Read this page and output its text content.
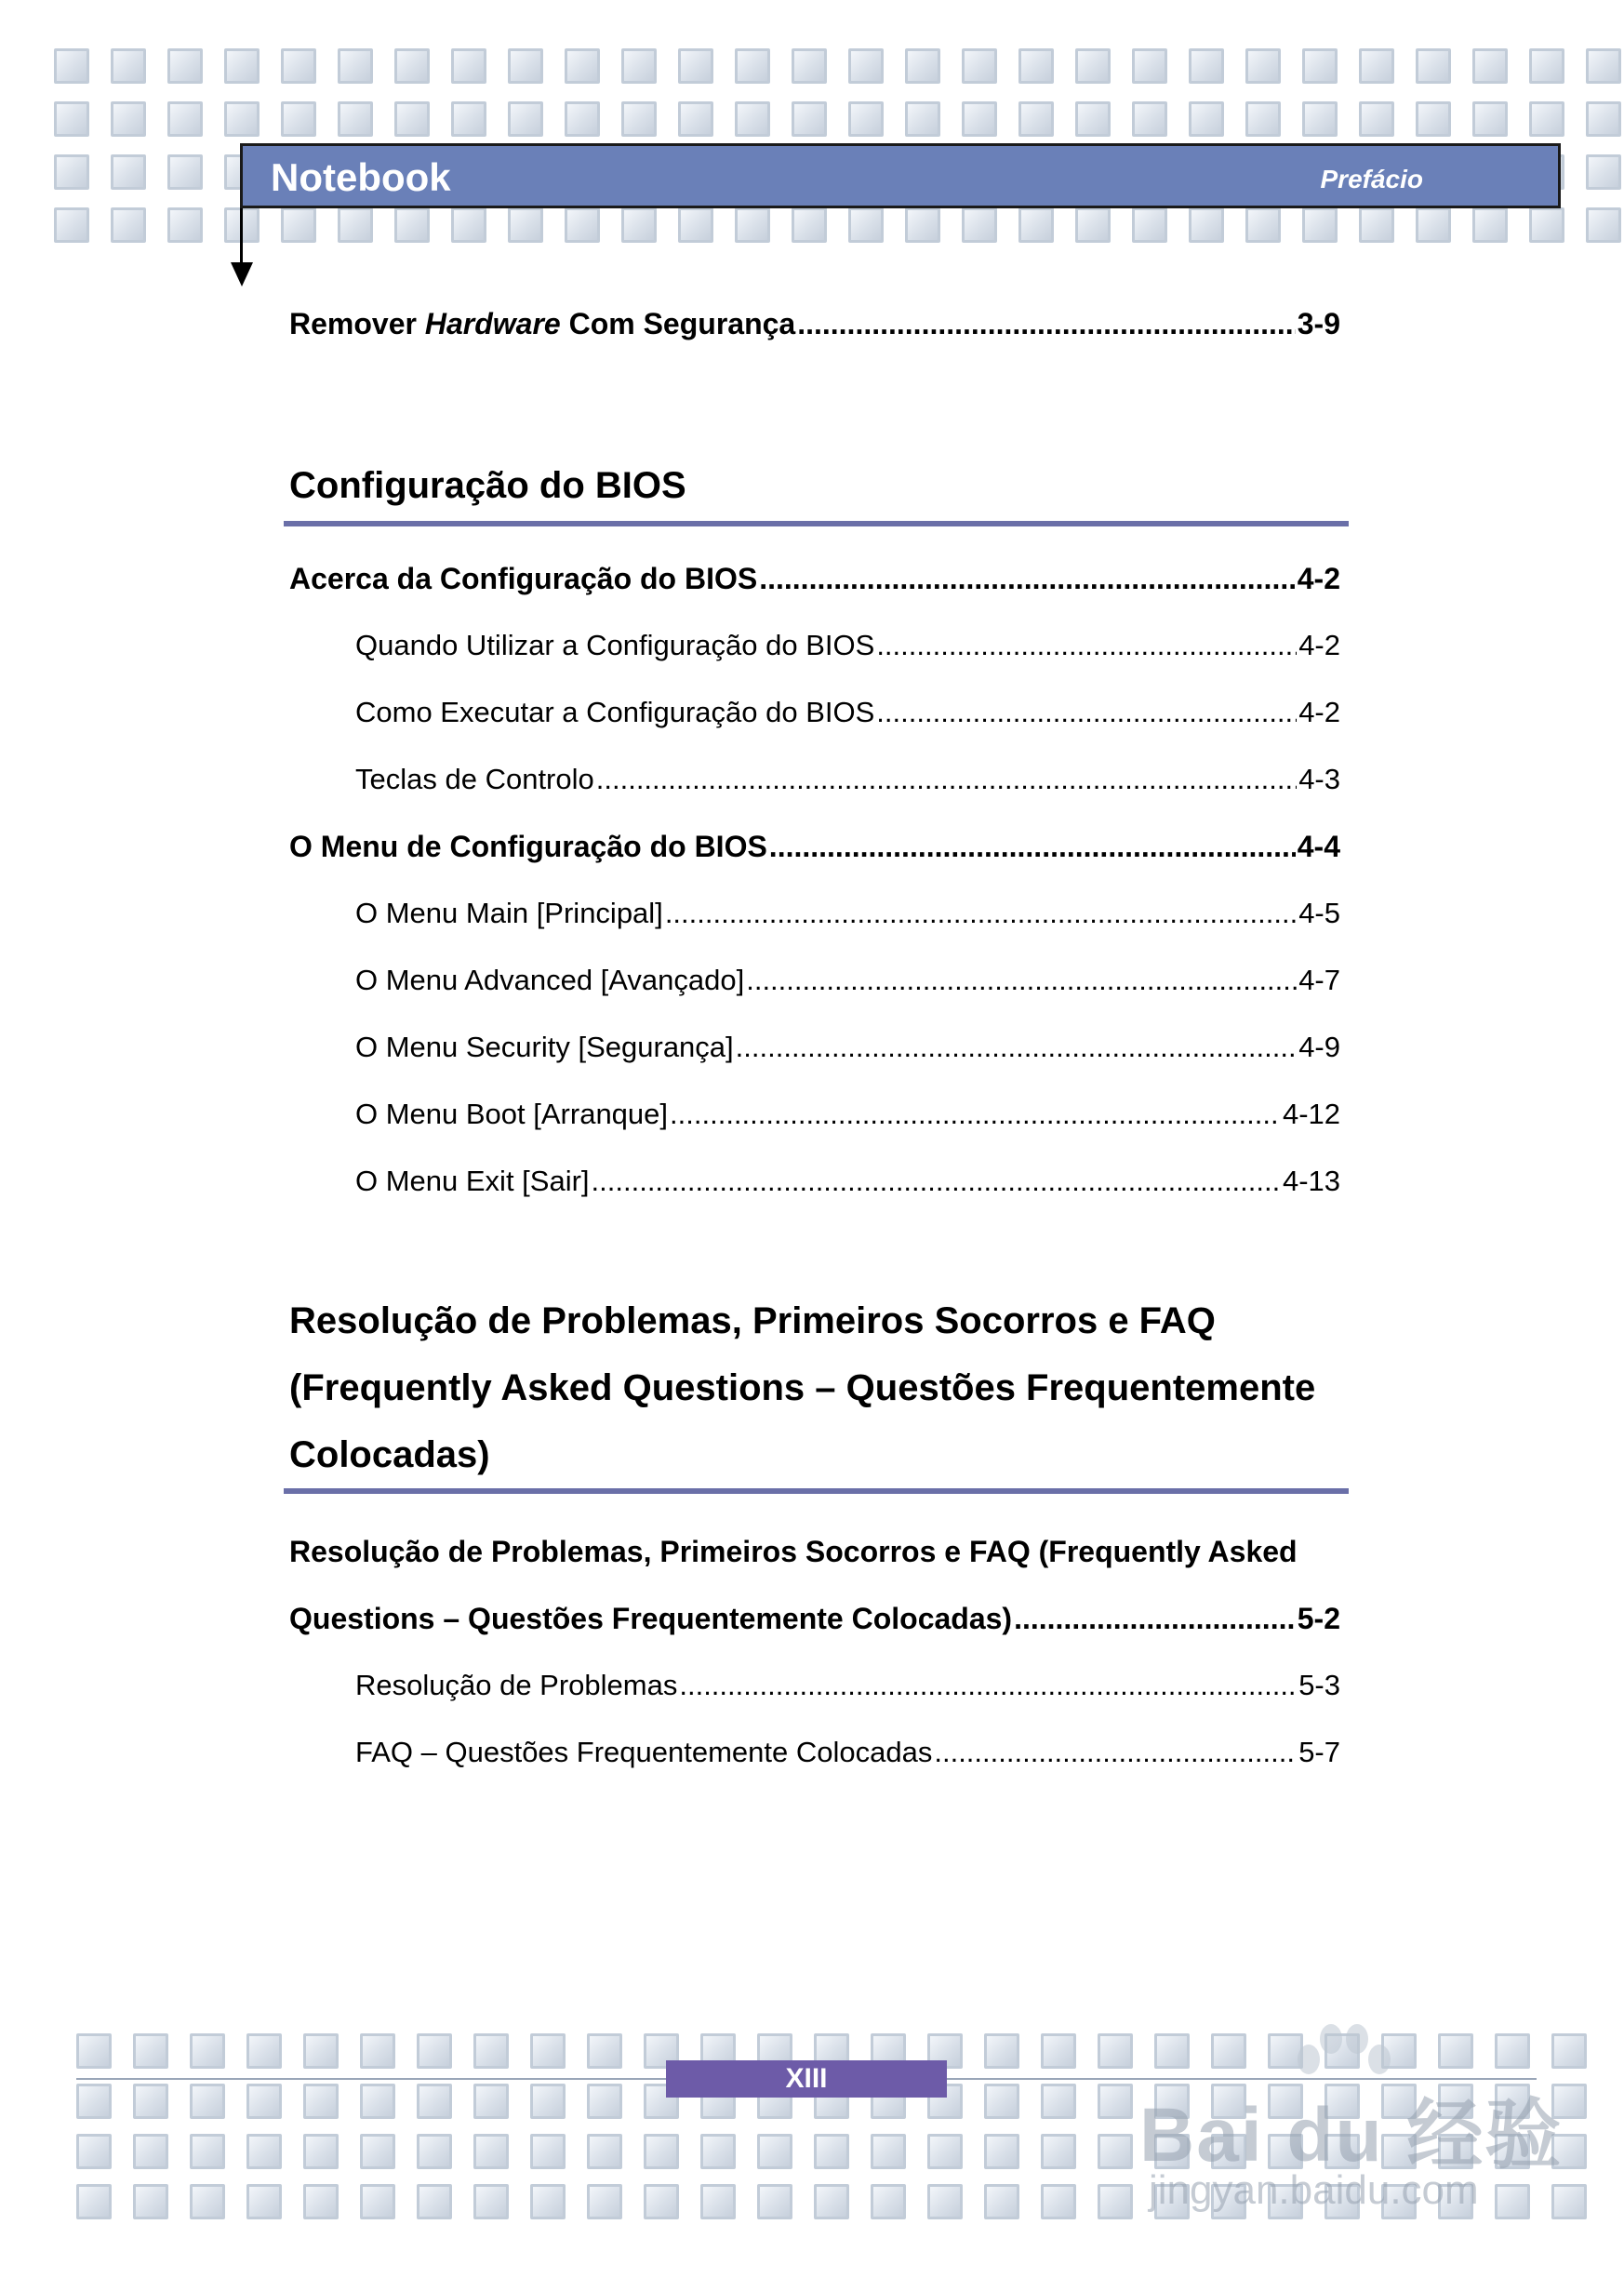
Notebook	Prefácio
Remover Hardware Com Segurança .....	3-9
Configuração do BIOS
Acerca da Configuração do BIOS .....	4-2
Quando Utilizar a Configuração do BIOS .....	4-2
Como Executar a Configuração do BIOS .....	4-2
Teclas de Controlo .....	4-3
O Menu de Configuração do BIOS .....	4-4
O Menu Main [Principal] .....	4-5
O Menu Advanced [Avançado] .....	4-7
O Menu Security [Segurança] .....	4-9
O Menu Boot [Arranque] .....	4-12
O Menu Exit [Sair] .....	4-13
Resolução de Problemas, Primeiros Socorros e FAQ
(Frequently Asked Questions – Questões Frequentemente
Colocadas)
Resolução de Problemas, Primeiros Socorros e FAQ (Frequently Asked
Questions – Questões Frequentemente Colocadas) .....	5-2
Resolução de Problemas .....	5-3
FAQ – Questões Frequentemente Colocadas .....	5-7
XIII
Bai du 经验
jingyan.baidu.com
